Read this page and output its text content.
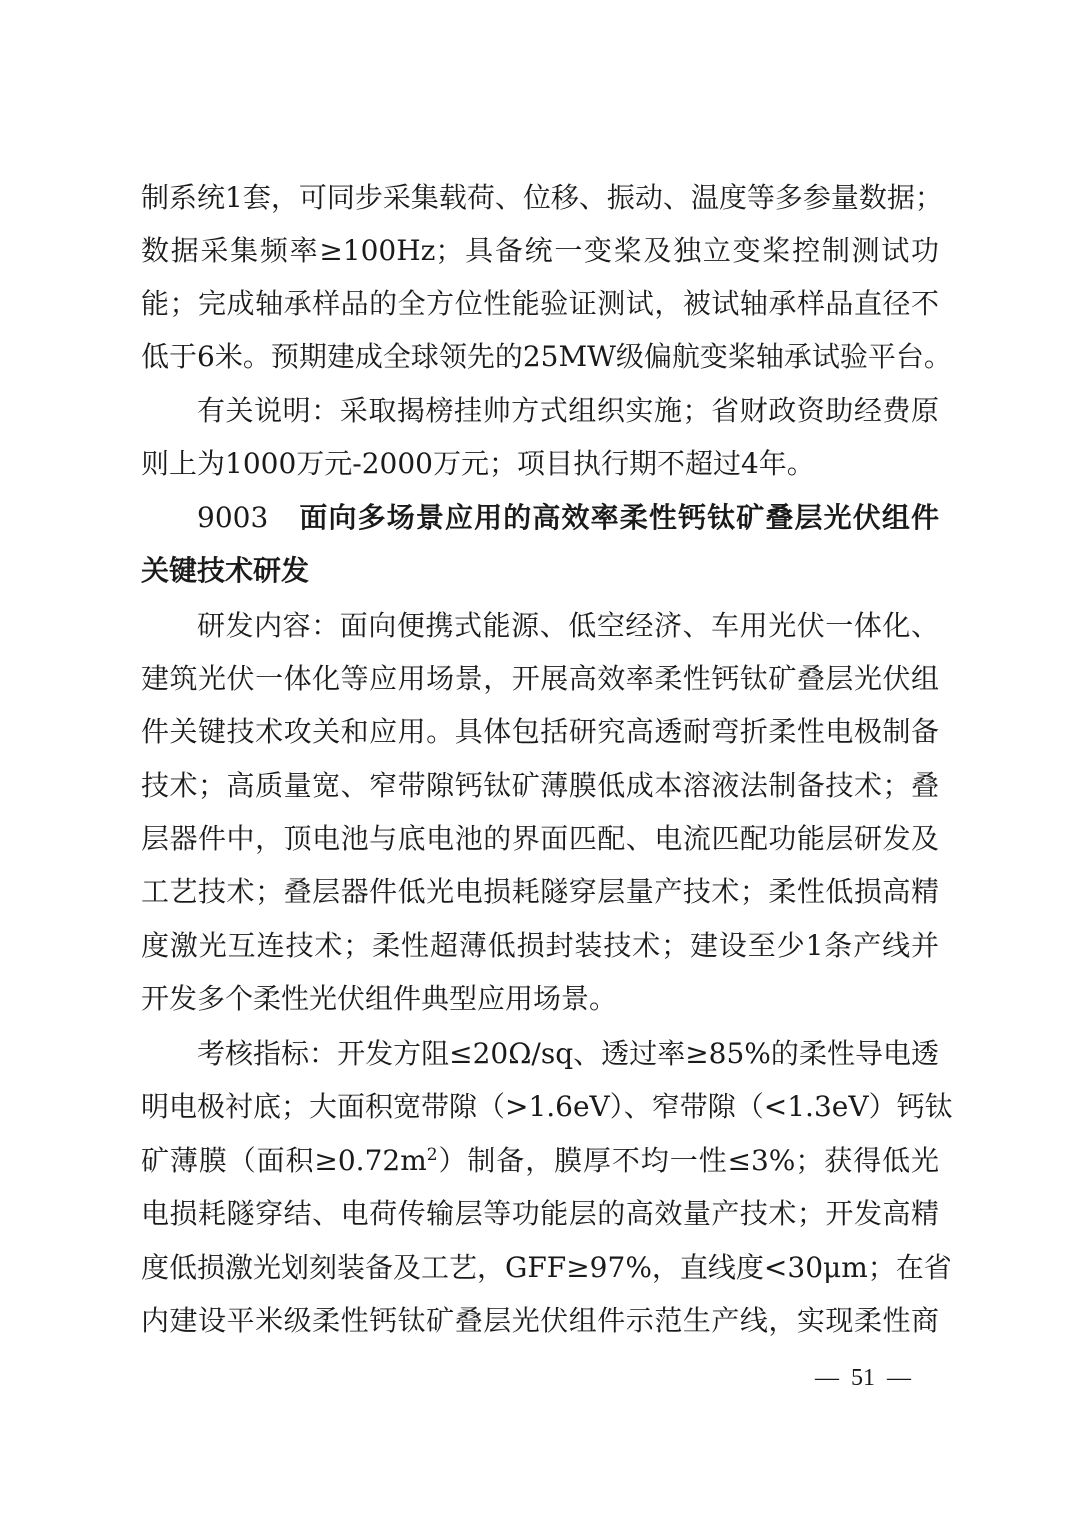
制系统1套，可同步采集载荷、位移、振动、温度等多参量数据；
数据采集频率≥100Hz；具备统一变桨及独立变桨控制测试功
能；完成轴承样品的全方位性能验证测试，被试轴承样品直径不
低于6米。预期建成全球领先的25MW级偏航变桨轴承试验平台。
有关说明：采取揭榜挂帅方式组织实施；省财政资助经费原
则上为1000万元-2000万元；项目执行期不超过4年。
9003 面向多场景应用的高效率柔性钙钛矿叠层光伏组件
关键技术研发
研发内容：面向便携式能源、低空经济、车用光伏一体化、
建筑光伏一体化等应用场景，开展高效率柔性钙钛矿叠层光伏组
件关键技术攻关和应用。具体包括研究高透耐弯折柔性电极制备
技术；高质量宽、窄带隙钙钛矿薄膜低成本溶液法制备技术；叠
层器件中，顶电池与底电池的界面匹配、电流匹配功能层研发及
工艺技术；叠层器件低光电损耗隧穿层量产技术；柔性低损高精
度激光互连技术；柔性超薄低损封装技术；建设至少1条产线并
开发多个柔性光伏组件典型应用场景。
考核指标：开发方阻≤20Ω/sq、透过率≥85%的柔性导电透
明电极衬底；大面积宽带隙（>1.6eV）、窄带隙（<1.3eV）钙钛
矿薄膜（面积$\ge 0.72m^2$）制备，膜厚不均一性≤3%；获得低光
电损耗隧穿结、电荷传输层等功能层的高效量产技术；开发高精
度低损激光划刻装备及工艺，GFF≥97%，直线度<30μm；在省
内建设平米级柔性钙钛矿叠层光伏组件示范生产线，实现柔性商
— 51 —
